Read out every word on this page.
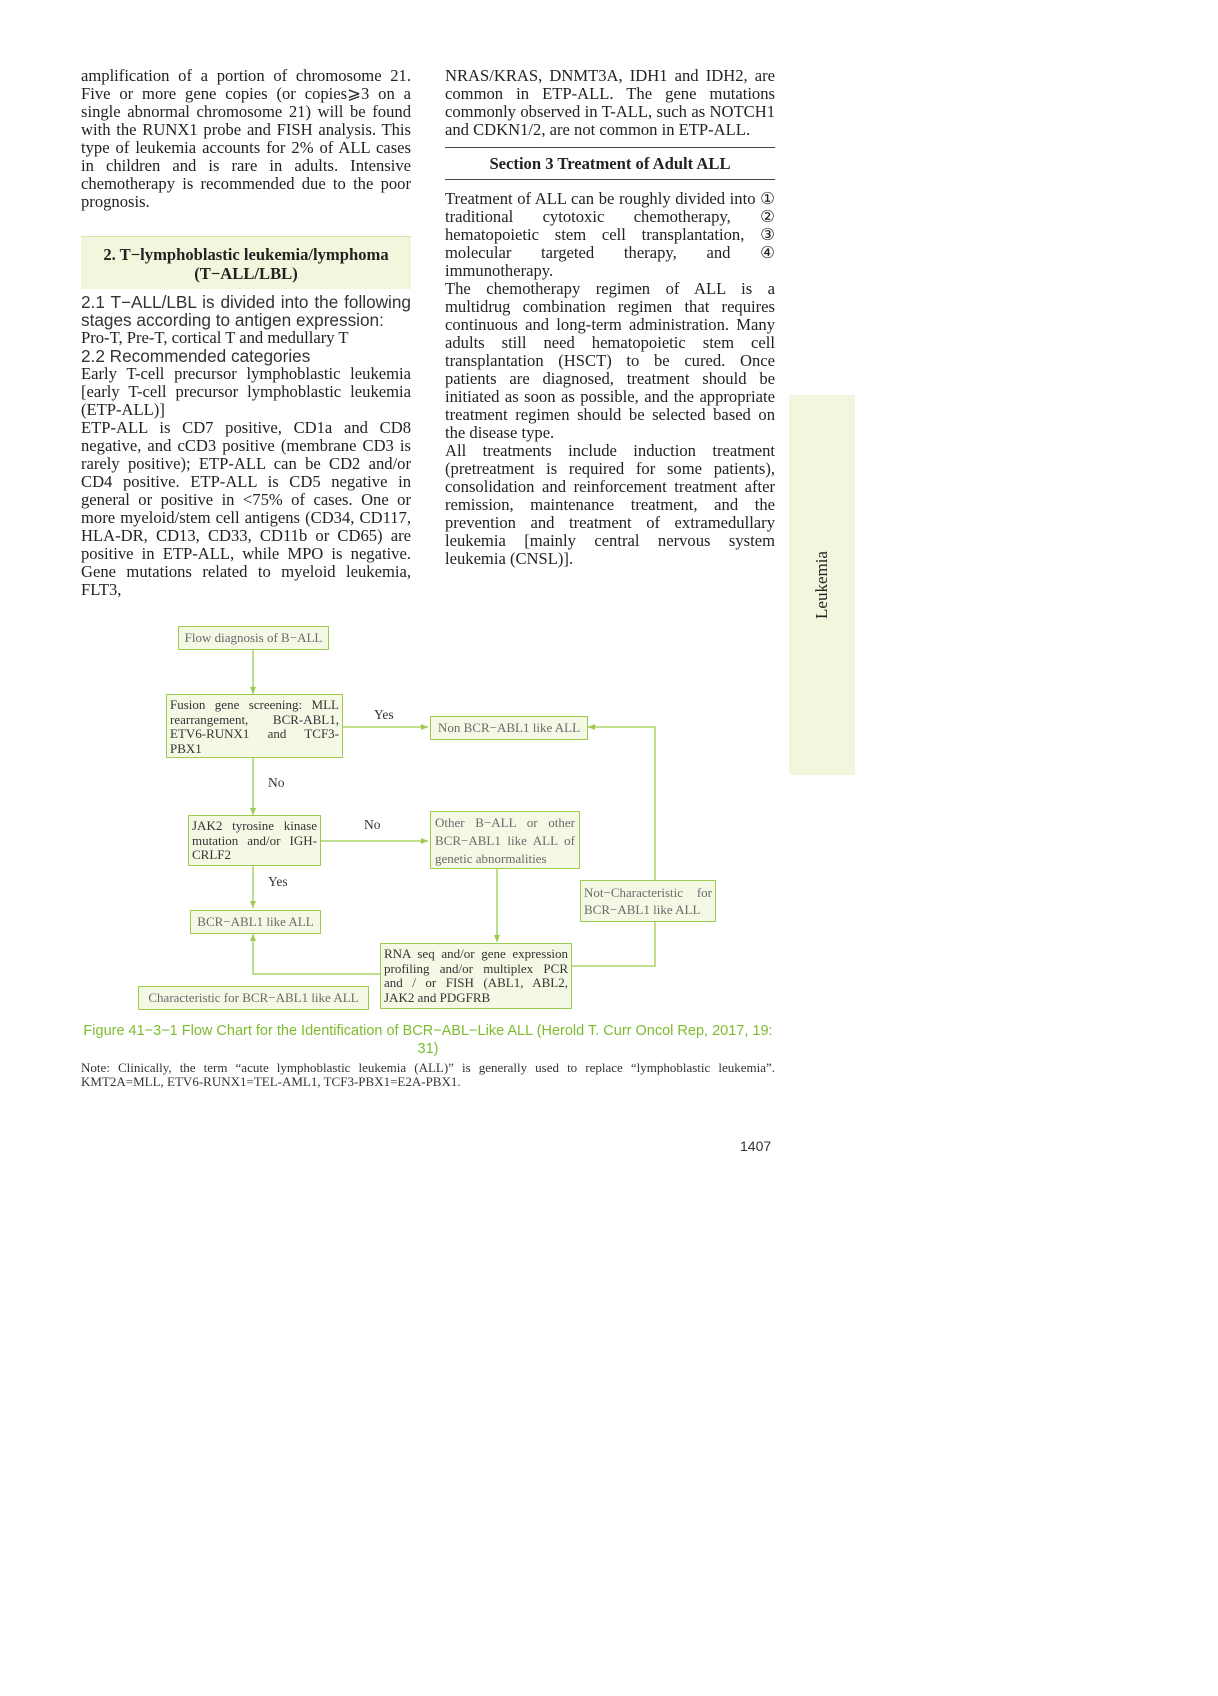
amplification of a portion of chromosome 21. Five or more gene copies (or copies⩾3 on a single abnormal chromosome 21) will be found with the RUNX1 probe and FISH analysis. This type of leukemia accounts for 2% of ALL cases in children and is rare in adults. Intensive chemotherapy is recommended due to the poor prognosis.

2. T−lymphoblastic leukemia/lymphoma (T−ALL/LBL)

2.1 T−ALL/LBL is divided into the following stages according to antigen expression:

Pro-T, Pre-T, cortical T and medullary T

2.2 Recommended categories

Early T-cell precursor lymphoblastic leukemia [early T-cell precursor lymphoblastic leukemia (ETP-ALL)]

ETP-ALL is CD7 positive, CD1a and CD8 negative, and cCD3 positive (membrane CD3 is rarely positive); ETP-ALL can be CD2 and/or CD4 positive. ETP-ALL is CD5 negative in general or positive in <75% of cases. One or more myeloid/stem cell antigens (CD34, CD117, HLA-DR, CD13, CD33, CD11b or CD65) are positive in ETP-ALL, while MPO is negative. Gene mutations related to myeloid leukemia, FLT3,

NRAS/KRAS, DNMT3A, IDH1 and IDH2, are common in ETP-ALL. The gene mutations commonly observed in T-ALL, such as NOTCH1 and CDKN1/2, are not common in ETP-ALL.

Section 3 Treatment of Adult ALL

Treatment of ALL can be roughly divided into ① traditional cytotoxic chemotherapy, ② hematopoietic stem cell transplantation, ③ molecular targeted therapy, and ④ immunotherapy.

The chemotherapy regimen of ALL is a multidrug combination regimen that requires continuous and long-term administration. Many adults still need hematopoietic stem cell transplantation (HSCT) to be cured. Once patients are diagnosed, treatment should be initiated as soon as possible, and the appropriate treatment regimen should be selected based on the disease type.

All treatments include induction treatment (pretreatment is required for some patients), consolidation and reinforcement treatment after remission, maintenance treatment, and the prevention and treatment of extramedullary leukemia [mainly central nervous system leukemia (CNSL)].	Leukemia
Flow diagnosis of B−ALL
Fusion gene screening: MLL rearrangement, BCR-ABL1, ETV6-RUNX1 and TCF3-PBX1
Non BCR−ABL1 like ALL
JAK2 tyrosine kinase mutation and/or IGH-CRLF2
Other B−ALL or other BCR−ABL1 like ALL of genetic abnormalities
Not−Characteristic for BCR−ABL1 like ALL
BCR−ABL1 like ALL
RNA seq and/or gene expression profiling and/or multiplex PCR and / or FISH (ABL1, ABL2, JAK2 and PDGFRB
Characteristic for BCR−ABL1 like ALL
Yes
No
No
Yes
Figure 41−3−1 Flow Chart for the Identification of BCR−ABL−Like ALL (Herold T. Curr Oncol Rep, 2017, 19: 31)
Note: Clinically, the term “acute lymphoblastic leukemia (ALL)” is generally used to replace “lymphoblastic leukemia”. KMT2A=MLL, ETV6-RUNX1=TEL-AML1, TCF3-PBX1=E2A-PBX1.
1407
